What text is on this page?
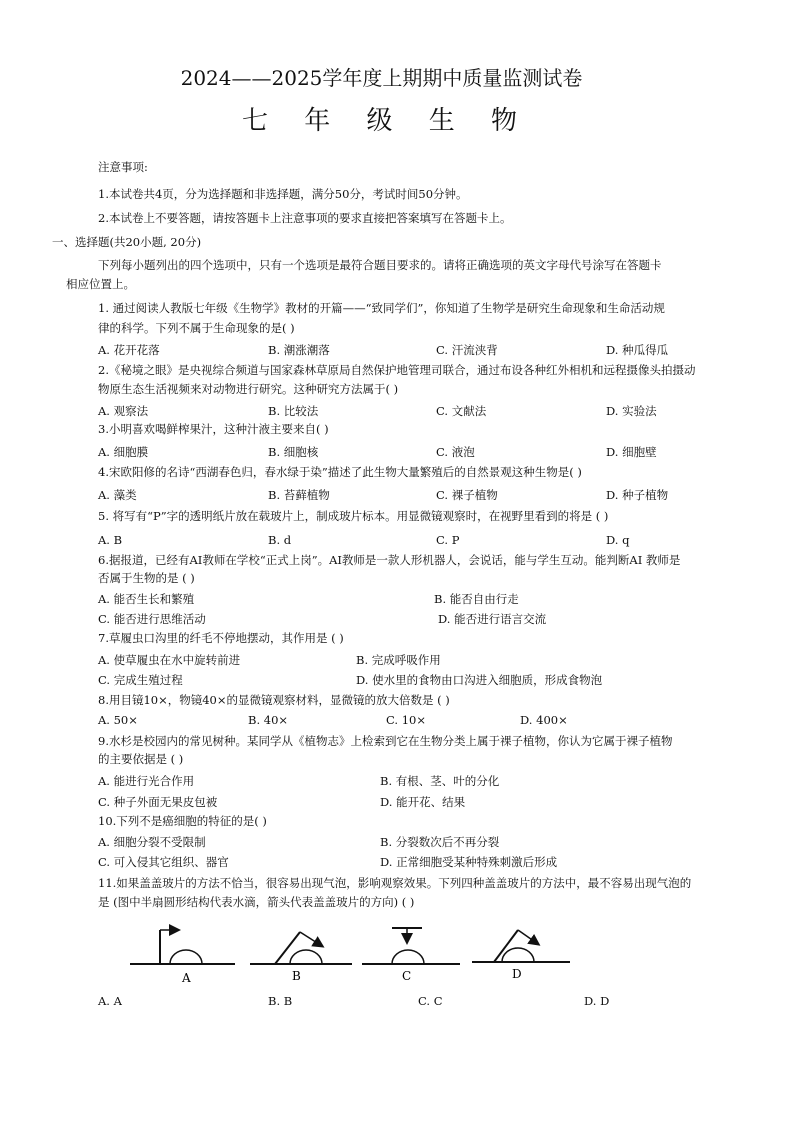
2024——2025学年度上期期中质量监测试卷
七 年 级 生 物
注意事项:
1.本试卷共4页，分为选择题和非选择题，满分50分，考试时间50分钟。
2.本试卷上不要答题，请按答题卡上注意事项的要求直接把答案填写在答题卡上。
一、选择题(共20小题, 20分)
下列每小题列出的四个选项中，只有一个选项是最符合题目要求的。请将正确选项的英文字母代号涂写在答题卡
相应位置上。
1. 通过阅读人教版七年级《生物学》教材的开篇——“致同学们”，你知道了生物学是研究生命现象和生命活动规
律的科学。下列不属于生命现象的是( )
A. 花开花落	B. 潮涨潮落	C. 汗流浃背	D. 种瓜得瓜
2.《秘境之眼》是央视综合频道与国家森林草原局自然保护地管理司联合，通过布设各种红外相机和远程摄像头拍摄动
物原生态生活视频来对动物进行研究。这种研究方法属于( )
A. 观察法	B. 比较法	C. 文献法	D. 实验法
3.小明喜欢喝鲜榨果汁，这种汁液主要来自( )
A. 细胞膜	B. 细胞核	C. 液泡	D. 细胞壁
4.宋欧阳修的名诗“西湖春色归，春水绿于染”描述了此生物大量繁殖后的自然景观这种生物是( )
A. 藻类	B. 苔藓植物	C. 裸子植物	D. 种子植物
5. 将写有“P”字的透明纸片放在载玻片上，制成玻片标本。用显微镜观察时，在视野里看到的将是 ( )
A. B	B. d	C. P	D. q
6.据报道，已经有AI教师在学校“正式上岗”。AI教师是一款人形机器人，会说话，能与学生互动。能判断AI 教师是
否属于生物的是 ( )
A. 能否生长和繁殖	B. 能否自由行走
C. 能否进行思维活动	D. 能否进行语言交流
7.草履虫口沟里的纤毛不停地摆动，其作用是 ( )
A. 使草履虫在水中旋转前进	B. 完成呼吸作用
C. 完成生殖过程	D. 使水里的食物由口沟进入细胞质，形成食物泡
8.用目镜10×，物镜40×的显微镜观察材料，显微镜的放大倍数是 ( )
A. 50×	B. 40×	C. 10×	D. 400×
9.水杉是校园内的常见树种。某同学从《植物志》上检索到它在生物分类上属于裸子植物，你认为它属于裸子植物
的主要依据是 ( )
A. 能进行光合作用	B. 有根、茎、叶的分化
C. 种子外面无果皮包被	D. 能开花、结果
10.下列不是癌细胞的特征的是( )
A. 细胞分裂不受限制	B. 分裂数次后不再分裂
C. 可入侵其它组织、器官	D. 正常细胞受某种特殊刺激后形成
11.如果盖盖玻片的方法不恰当，很容易出现气泡，影响观察效果。下列四种盖盖玻片的方法中，最不容易出现气泡的
是 (图中半扇圆形结构代表水滴，箭头代表盖盖玻片的方向) ( )
A	B	C	D
A. A	B. B	C. C	D. D
